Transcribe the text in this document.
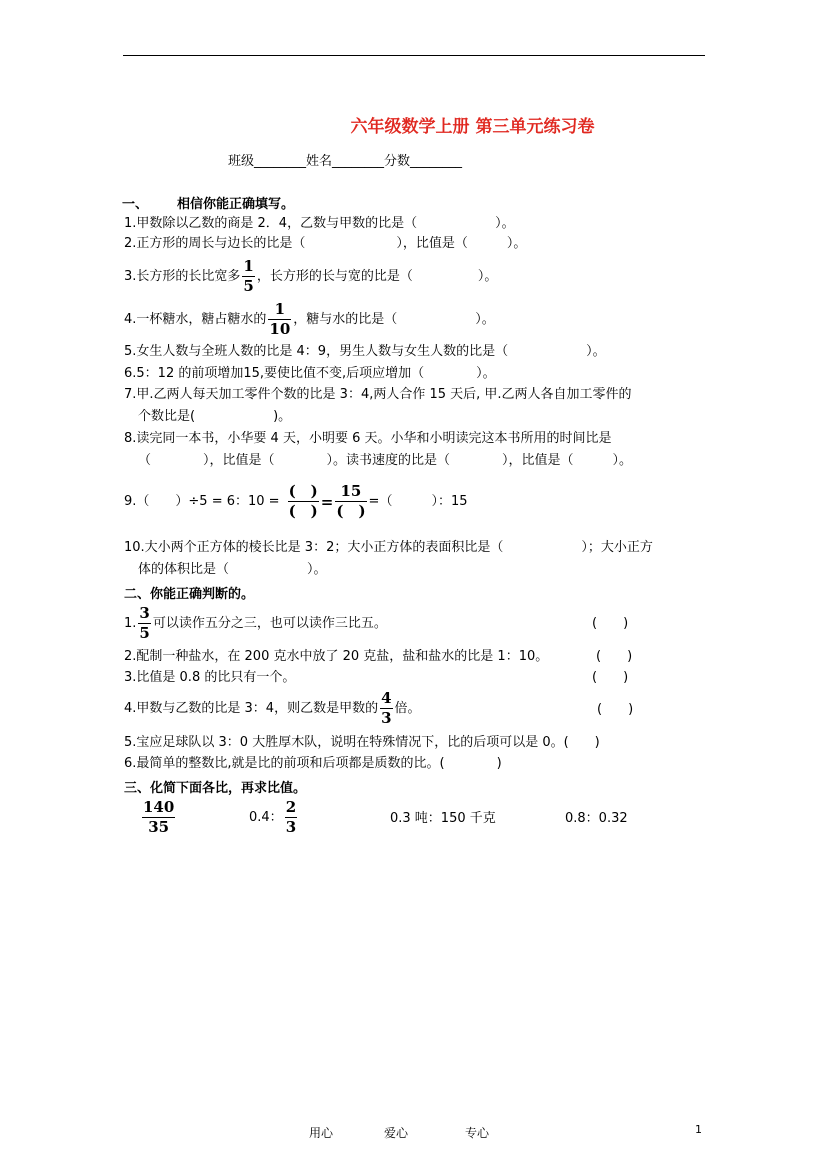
六年级数学上册 第三单元练习卷
班级________姓名________分数________
一、 相信你能正确填写。
1.甲数除以乙数的商是 2．4，乙数与甲数的比是（　　　　　　）。
2.正方形的周长与边长的比是（　　　　　　　），比值是（　　　）。
3.长方形的长比宽多 $\frac{1}{5}$ ，长方形的长与宽的比是（　　　　　）。
4.一杯糖水，糖占糖水的 $\frac{1}{10}$ ，糖与水的比是（　　　　　　）。
5.女生人数与全班人数的比是 4：9，男生人数与女生人数的比是（　　　　　　）。
6.5：12 的前项增加15,要使比值不变,后项应增加（　　　　）。
7.甲.乙两人每天加工零件个数的比是 3：4,两人合作 15 天后, 甲.乙两人各自加工零件的
个数比是(　　　　　　)。
8.读完同一本书，小华要 4 天，小明要 6 天。小华和小明读完这本书所用的时间比是
（　　　　），比值是（　　　　）。读书速度的比是（　　　　），比值是（　　　）。
9.（　　）÷5 = 6：$10 = \frac{( )}{( )} = \frac{15}{( )}$ =（　　　）：15
10.大小两个正方体的棱长比是 3：2；大小正方体的表面积比是（　　　　　　）；大小正方
体的体积比是（　　　　　　）。
二、你能正确判断的。
1. $\frac{3}{5}$ 可以读作五分之三，也可以读作三比五。	(　　)
2.配制一种盐水，在 200 克水中放了 20 克盐，盐和盐水的比是 1：10。	(　　)
3.比值是 0.8 的比只有一个。	(　　)
4.甲数与乙数的比是 3：4，则乙数是甲数的 $\frac{4}{3}$ 倍。	(　　)
5.宝应足球队以 3：0 大胜厚木队，说明在特殊情况下，比的后项可以是 0。(　　)
6.最简单的整数比,就是比的前项和后项都是质数的比。(　　　　)
三、化简下面各比，再求比值。
$\frac{140}{35}$	0.4： $\frac{2}{3}$	0.3 吨：150 千克	0.8：0.32
用心	爱心	专心	1
